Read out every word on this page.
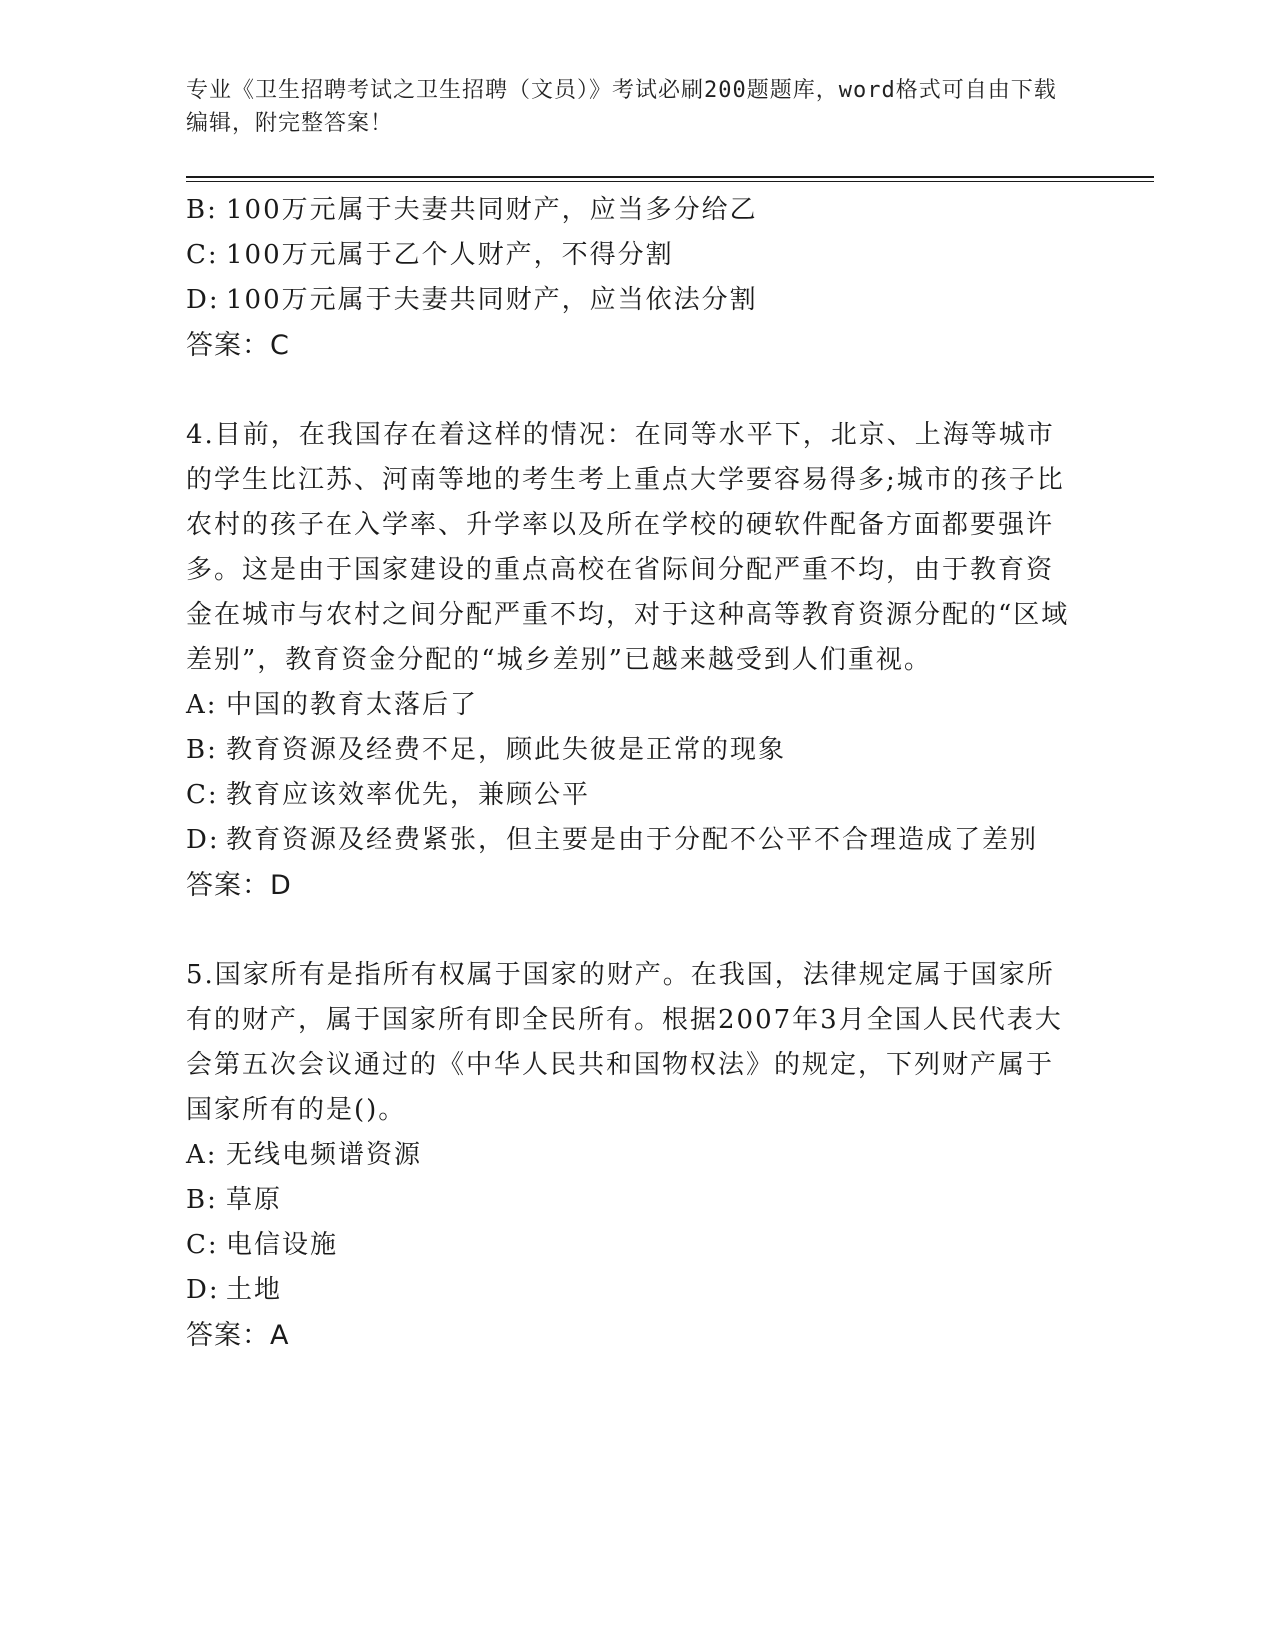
专业《卫生招聘考试之卫生招聘（文员）》考试必刷200题题库，word格式可自由下载编辑，附完整答案！
B: 100万元属于夫妻共同财产，应当多分给乙
C: 100万元属于乙个人财产，不得分割
D: 100万元属于夫妻共同财产，应当依法分割
答案：C
4.目前，在我国存在着这样的情况：在同等水平下，北京、上海等城市的学生比江苏、河南等地的考生考上重点大学要容易得多;城市的孩子比农村的孩子在入学率、升学率以及所在学校的硬软件配备方面都要强许多。这是由于国家建设的重点高校在省际间分配严重不均，由于教育资金在城市与农村之间分配严重不均，对于这种高等教育资源分配的“区域差别”，教育资金分配的“城乡差别”已越来越受到人们重视。
A: 中国的教育太落后了
B: 教育资源及经费不足，顾此失彼是正常的现象
C: 教育应该效率优先，兼顾公平
D: 教育资源及经费紧张，但主要是由于分配不公平不合理造成了差别
答案：D
5.国家所有是指所有权属于国家的财产。在我国，法律规定属于国家所有的财产，属于国家所有即全民所有。根据2007年3月全国人民代表大会第五次会议通过的《中华人民共和国物权法》的规定，下列财产属于国家所有的是()。
A: 无线电频谱资源
B: 草原
C: 电信设施
D: 土地
答案：A
